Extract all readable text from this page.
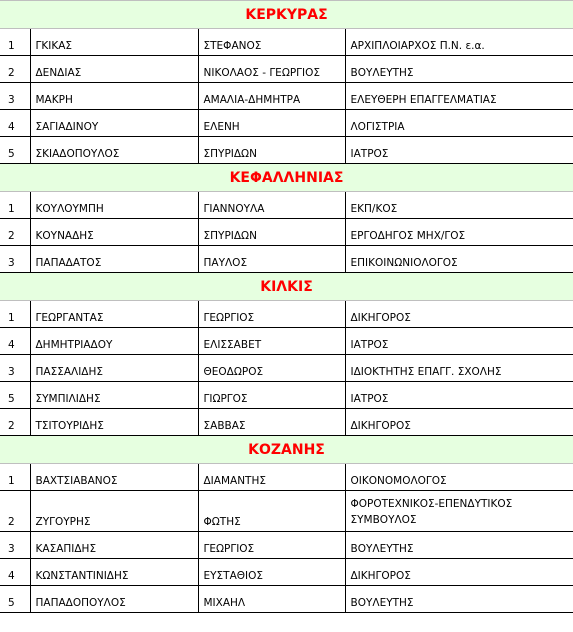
ΚΕΡΚΥΡΑΣ			
1	ΓΚΙΚΑΣ	ΣΤΕΦΑΝΟΣ	ΑΡΧΙΠΛΟΙΑΡΧΟΣ Π.Ν. ε.α.
2	ΔΕΝΔΙΑΣ	ΝΙΚΟΛΑΟΣ - ΓΕΩΡΓΙΟΣ	ΒΟΥΛΕΥΤΗΣ
3	ΜΑΚΡΗ	ΑΜΑΛΙΑ-ΔΗΜΗΤΡΑ	ΕΛΕΥΘΕΡΗ ΕΠΑΓΓΕΛΜΑΤΙΑΣ
4	ΣΑΓΙΑΔΙΝΟΥ	ΕΛΕΝΗ	ΛΟΓΙΣΤΡΙΑ
5	ΣΚΙΑΔΟΠΟΥΛΟΣ	ΣΠΥΡΙΔΩΝ	ΙΑΤΡΟΣ
ΚΕΦΑΛΛΗΝΙΑΣ			
1	ΚΟΥΛΟΥΜΠΗ	ΓΙΑΝΝΟΥΛΑ	ΕΚΠ/ΚΟΣ
2	ΚΟΥΝΑΔΗΣ	ΣΠΥΡΙΔΩΝ	ΕΡΓΟΔΗΓΟΣ ΜΗΧ/ΓΟΣ
3	ΠΑΠΑΔΑΤΟΣ	ΠΑΥΛΟΣ	ΕΠΙΚΟΙΝΩΝΙΟΛΟΓΟΣ
ΚΙΛΚΙΣ			
1	ΓΕΩΡΓΑΝΤΑΣ	ΓΕΩΡΓΙΟΣ	ΔΙΚΗΓΟΡΟΣ
4	ΔΗΜΗΤΡΙΑΔΟΥ	ΕΛΙΣΣΑΒΕΤ	ΙΑΤΡΟΣ
3	ΠΑΣΣΑΛΙΔΗΣ	ΘΕΟΔΩΡΟΣ	ΙΔΙΟΚΤΗΤΗΣ ΕΠΑΓΓ. ΣΧΟΛΗΣ
5	ΣΥΜΠΙΛΙΔΗΣ	ΓΙΩΡΓΟΣ	ΙΑΤΡΟΣ
2	ΤΣΙΤΟΥΡΙΔΗΣ	ΣΑΒΒΑΣ	ΔΙΚΗΓΟΡΟΣ
ΚΟΖΑΝΗΣ			
1	ΒΑΧΤΣΙΑΒΑΝΟΣ	ΔΙΑΜΑΝΤΗΣ	ΟΙΚΟΝΟΜΟΛΟΓΟΣ
2	ΖΥΓΟΥΡΗΣ	ΦΩΤΗΣ	ΦΟΡΟΤΕΧΝΙΚΟΣ-ΕΠΕΝΔΥΤΙΚΟΣ ΣΥΜΒΟΥΛΟΣ
3	ΚΑΣΑΠΙΔΗΣ	ΓΕΩΡΓΙΟΣ	ΒΟΥΛΕΥΤΗΣ
4	ΚΩΝΣΤΑΝΤΙΝΙΔΗΣ	ΕΥΣΤΑΘΙΟΣ	ΔΙΚΗΓΟΡΟΣ
5	ΠΑΠΑΔΟΠΟΥΛΟΣ	ΜΙΧΑΗΛ	ΒΟΥΛΕΥΤΗΣ
